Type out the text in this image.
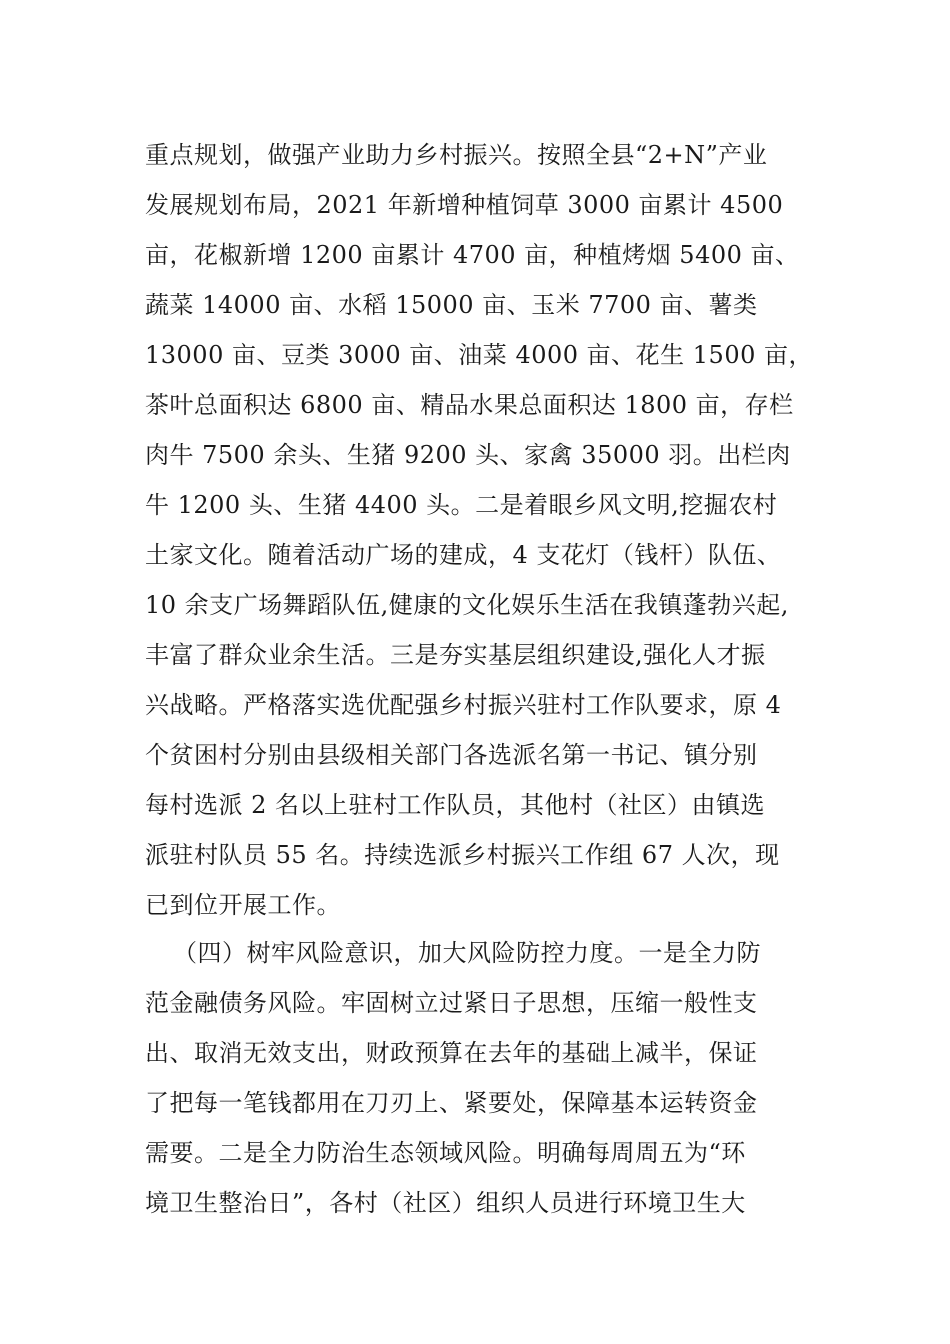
重点规划，做强产业助力乡村振兴。按照全县“2+N”产业
发展规划布局，2021 年新增种植饲草 3000 亩累计 4500
亩，花椒新增 1200 亩累计 4700 亩，种植烤烟 5400 亩、
蔬菜 14000 亩、水稻 15000 亩、玉米 7700 亩、薯类
13000 亩、豆类 3000 亩、油菜 4000 亩、花生 1500 亩，
茶叶总面积达 6800 亩、精品水果总面积达 1800 亩，存栏
肉牛 7500 余头、生猪 9200 头、家禽 35000 羽。出栏肉
牛 1200 头、生猪 4400 头。二是着眼乡风文明,挖掘农村
土家文化。随着活动广场的建成，4 支花灯（钱杆）队伍、
10 余支广场舞蹈队伍,健康的文化娱乐生活在我镇蓬勃兴起,
丰富了群众业余生活。三是夯实基层组织建设,强化人才振
兴战略。严格落实选优配强乡村振兴驻村工作队要求，原 4
个贫困村分别由县级相关部门各选派名第一书记、镇分别
每村选派 2 名以上驻村工作队员，其他村（社区）由镇选
派驻村队员 55 名。持续选派乡村振兴工作组 67 人次，现
已到位开展工作。
（四）树牢风险意识，加大风险防控力度。一是全力防
范金融债务风险。牢固树立过紧日子思想，压缩一般性支
出、取消无效支出，财政预算在去年的基础上减半，保证
了把每一笔钱都用在刀刃上、紧要处，保障基本运转资金
需要。二是全力防治生态领域风险。明确每周周五为“环
境卫生整治日”，各村（社区）组织人员进行环境卫生大
